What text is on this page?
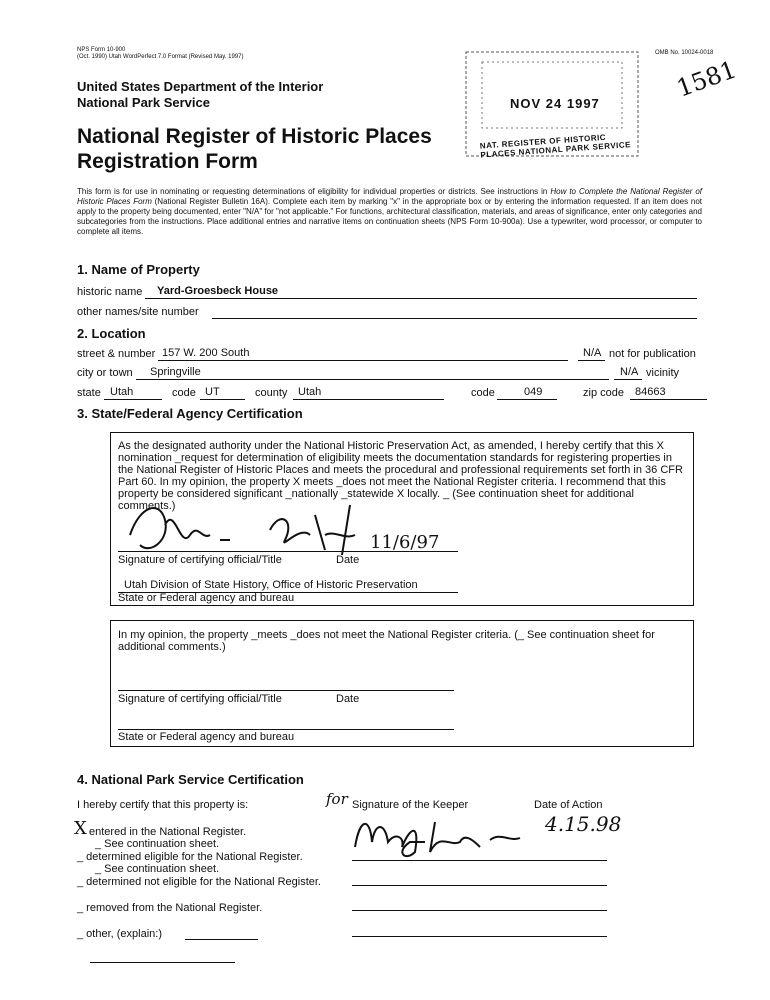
NPS Form 10-900
(Oct. 1990) Utah WordPerfect 7.0 Format (Revised May. 1997)
OMB No. 10024-0018
United States Department of the Interior
National Park Service
National Register of Historic Places
Registration Form
NOV 24 1997
NAT. REGISTER OF HISTORIC PLACES NATIONAL PARK SERVICE
1581
This form is for use in nominating or requesting determinations of eligibility for individual properties or districts. See instructions in How to Complete the National Register of Historic Places Form (National Register Bulletin 16A). Complete each item by marking "x" in the appropriate box or by entering the information requested. If an item does not apply to the property being documented, enter "N/A" for "not applicable." For functions, architectural classification, materials, and areas of significance, enter only categories and subcategories from the instructions. Place additional entries and narrative items on continuation sheets (NPS Form 10-900a). Use a typewriter, word processor, or computer to complete all items.
1. Name of Property
historic name Yard-Groesbeck House
other names/site number
2. Location
street & number 157 W. 200 South	N/A not for publication
city or town Springville	N/A vicinity
state Utah	code UT	county Utah	code	049	zip code 84663
3. State/Federal Agency Certification
As the designated authority under the National Historic Preservation Act, as amended, I hereby certify that this X nomination _request for determination of eligibility meets the documentation standards for registering properties in the National Register of Historic Places and meets the procedural and professional requirements set forth in 36 CFR Part 60. In my opinion, the property X meets _does not meet the National Register criteria. I recommend that this property be considered significant _nationally _statewide X locally. _ (See continuation sheet for additional comments.)
11/6/97
Signature of certifying official/Title	Date
Utah Division of State History, Office of Historic Preservation
State or Federal agency and bureau
In my opinion, the property _meets _does not meet the National Register criteria. (_ See continuation sheet for additional comments.)
Signature of certifying official/Title	Date
State or Federal agency and bureau
4. National Park Service Certification
I hereby certify that this property is:	for Signature of the Keeper	Date of Action
4.15.98
X entered in the National Register.
_ See continuation sheet.
_ determined eligible for the National Register.
_ See continuation sheet.
_ determined not eligible for the National Register.
_ removed from the National Register.
_ other, (explain:)
